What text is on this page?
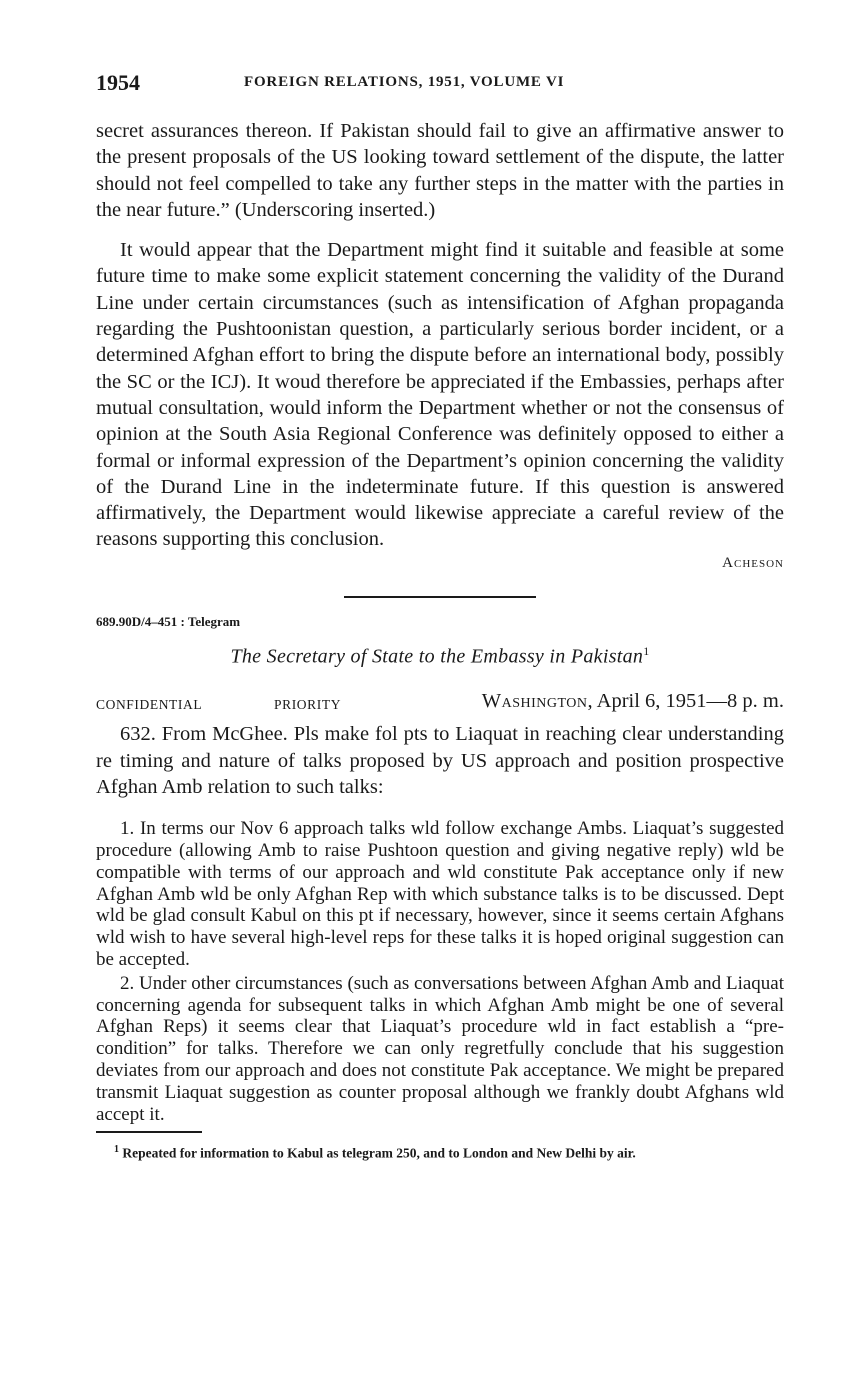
1954	FOREIGN RELATIONS, 1951, VOLUME VI

secret assurances thereon. If Pakistan should fail to give an affirmative answer to the present proposals of the US looking toward settlement of the dispute, the latter should not feel compelled to take any further steps in the matter with the parties in the near future.” (Underscoring inserted.)

It would appear that the Department might find it suitable and feasible at some future time to make some explicit statement concerning the validity of the Durand Line under certain circumstances (such as intensification of Afghan propaganda regarding the Pushtoonistan question, a particularly serious border incident, or a determined Afghan effort to bring the dispute before an international body, possibly the SC or the ICJ). It woud therefore be appreciated if the Embassies, perhaps after mutual consultation, would inform the Department whether or not the consensus of opinion at the South Asia Regional Conference was definitely opposed to either a formal or informal expression of the Department’s opinion concerning the validity of the Durand Line in the indeterminate future. If this question is answered affirmatively, the Department would likewise appreciate a careful review of the reasons supporting this conclusion.

Acheson
689.90D/4–451 : Telegram
The Secretary of State to the Embassy in Pakistan$^1$
CONFIDENTIAL	PRIORITY	Washington, April 6, 1951—8 p. m.

632. From McGhee. Pls make fol pts to Liaquat in reaching clear understanding re timing and nature of talks proposed by US approach and position prospective Afghan Amb relation to such talks:

1. In terms our Nov 6 approach talks wld follow exchange Ambs. Liaquat’s suggested procedure (allowing Amb to raise Pushtoon question and giving negative reply) wld be compatible with terms of our approach and wld constitute Pak acceptance only if new Afghan Amb wld be only Afghan Rep with which substance talks is to be discussed. Dept wld be glad consult Kabul on this pt if necessary, however, since it seems certain Afghans wld wish to have several high-level reps for these talks it is hoped original suggestion can be accepted.

2. Under other circumstances (such as conversations between Afghan Amb and Liaquat concerning agenda for subsequent talks in which Afghan Amb might be one of several Afghan Reps) it seems clear that Liaquat’s procedure wld in fact establish a “pre-condition” for talks. Therefore we can only regretfully conclude that his suggestion deviates from our approach and does not constitute Pak acceptance. We might be prepared transmit Liaquat suggestion as counter proposal although we frankly doubt Afghans wld accept it.

$^1$ Repeated for information to Kabul as telegram 250, and to London and New Delhi by air.
